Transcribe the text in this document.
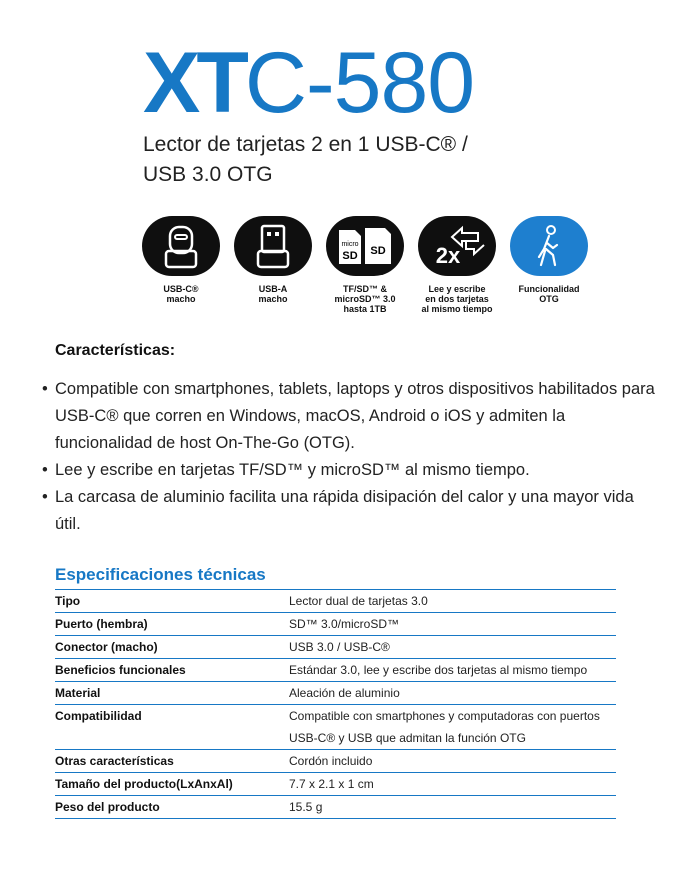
XTC-580
Lector de tarjetas 2 en 1 USB-C® /
USB 3.0 OTG
USB-C®
macho
USB-A
macho
micro
SD SD
TF/SD™ &
microSD™ 3.0
hasta 1TB
2x
Lee y escribe
en dos tarjetas
al mismo tiempo
Funcionalidad
OTG
Características:
• Compatible con smartphones, tablets, laptops y otros dispositivos habilitados para USB-C® que corren en Windows, macOS, Android o iOS y admiten la funcionalidad de host On-The-Go (OTG).
• Lee y escribe en tarjetas TF/SD™ y microSD™ al mismo tiempo.
• La carcasa de aluminio facilita una rápida disipación del calor y una mayor vida útil.
Especificaciones técnicas
Tipo	Lector dual de tarjetas 3.0
Puerto (hembra)	SD™ 3.0/microSD™
Conector (macho)	USB 3.0 / USB-C®
Beneficios funcionales	Estándar 3.0, lee y escribe dos tarjetas al mismo tiempo
Material	Aleación de aluminio
Compatibilidad	Compatible con smartphones y computadoras con puertos
USB-C® y USB que admitan la función OTG

Otras características	Cordón incluido
Tamaño del producto(LxAnxAl)	7.7 x 2.1 x 1 cm
Peso del producto	15.5 g
